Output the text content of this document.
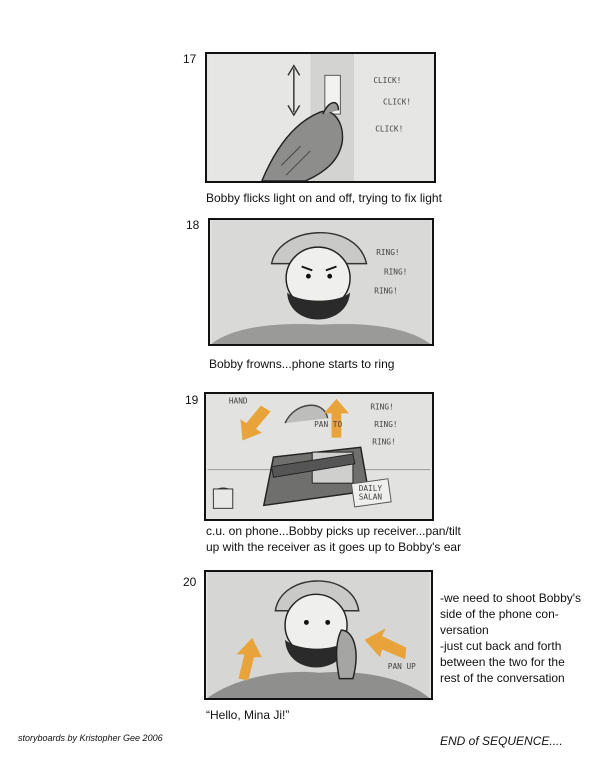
17
CLICK!
CLICK!
CLICK!
Bobby flicks light on and off, trying to fix light
18
RING!
RING!
RING!
Bobby frowns...phone starts to ring
19	HAND
PAN TO
DAILY
SALAN
RING!
RING!
RING!
c.u. on phone...Bobby picks up receiver...pan/tilt
up with the receiver as it goes up to Bobby's ear
20
PAN UP
“Hello, Mina Ji!”
-we need to shoot Bobby's
side of the phone con-
versation
-just cut back and forth
between the two for the
rest of the conversation
storyboards by Kristopher Gee 2006	END of SEQUENCE....
